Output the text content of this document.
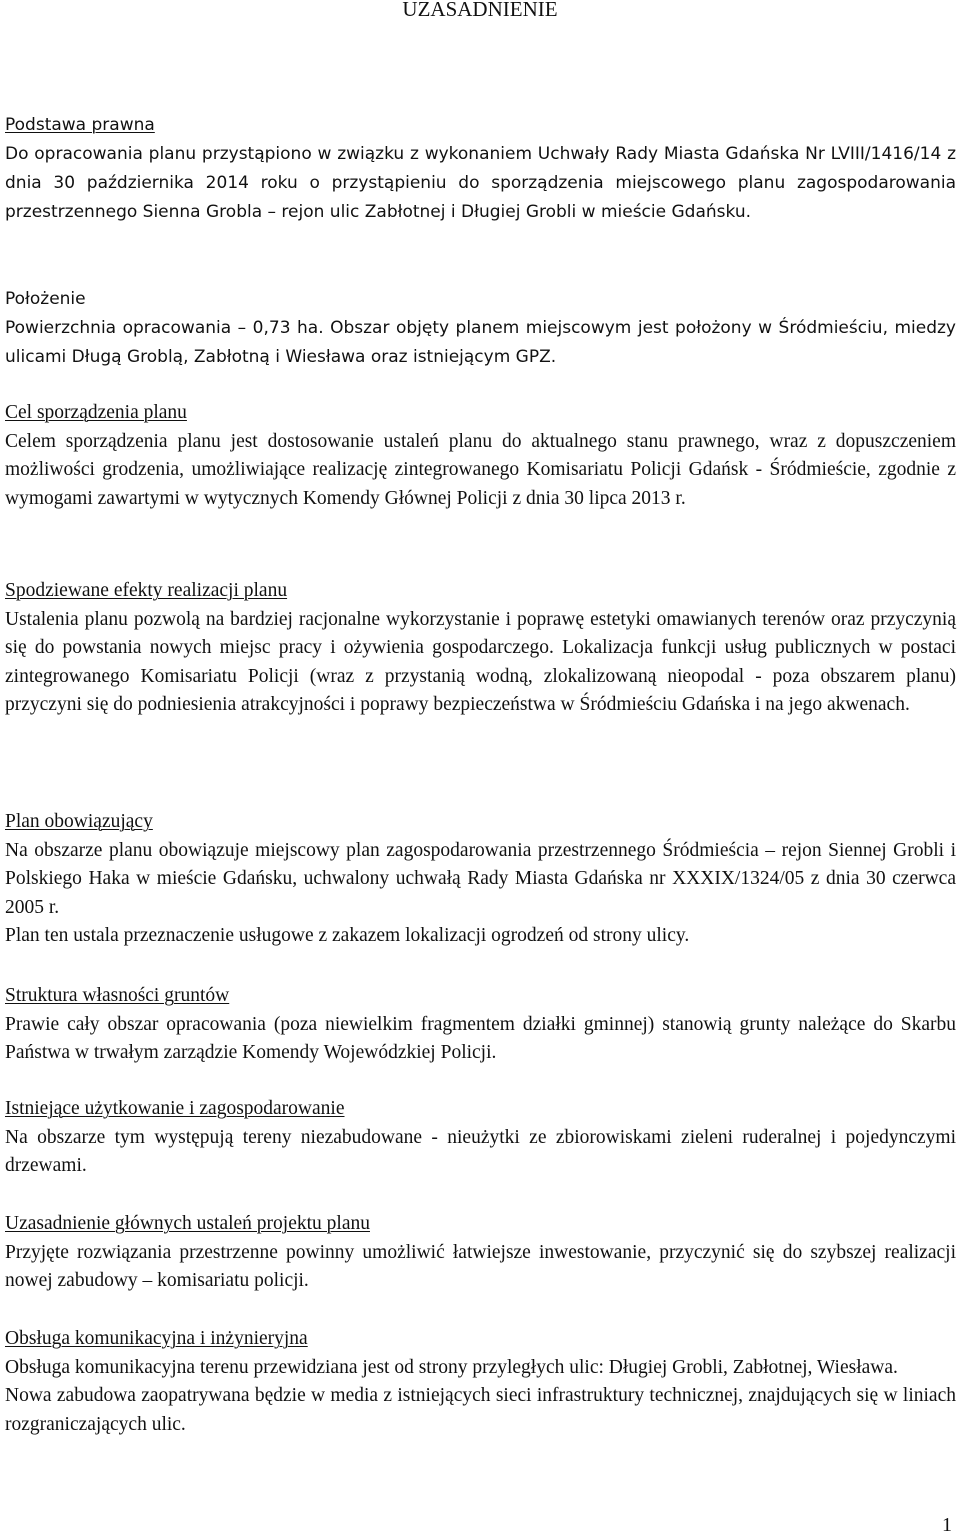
UZASADNIENIE
Podstawa prawna
Do opracowania planu przystąpiono w związku z wykonaniem Uchwały Rady Miasta Gdańska Nr LVIII/1416/14 z dnia 30 października 2014 roku o przystąpieniu do sporządzenia miejscowego planu zagospodarowania przestrzennego Sienna Grobla – rejon ulic Zabłotnej i Długiej Grobli w mieście Gdańsku.
Położenie
Powierzchnia opracowania – 0,73 ha. Obszar objęty planem miejscowym jest położony w Śródmieściu, miedzy ulicami Długą Groblą, Zabłotną i Wiesława oraz istniejącym GPZ.
Cel sporządzenia planu
Celem sporządzenia planu jest dostosowanie ustaleń planu do aktualnego stanu prawnego, wraz z dopuszczeniem możliwości grodzenia, umożliwiające realizację zintegrowanego Komisariatu Policji Gdańsk - Śródmieście, zgodnie z wymogami zawartymi w wytycznych Komendy Głównej Policji z dnia 30 lipca 2013 r.
Spodziewane efekty realizacji planu
Ustalenia planu pozwolą na bardziej racjonalne wykorzystanie i poprawę estetyki omawianych terenów oraz przyczynią się do powstania nowych miejsc pracy i ożywienia gospodarczego. Lokalizacja funkcji usług publicznych w postaci zintegrowanego Komisariatu Policji (wraz z przystanią wodną, zlokalizowaną nieopodal - poza obszarem planu) przyczyni się do podniesienia atrakcyjności i poprawy bezpieczeństwa w Śródmieściu Gdańska i na jego akwenach.
Plan obowiązujący
Na obszarze planu obowiązuje miejscowy plan zagospodarowania przestrzennego Śródmieścia – rejon Siennej Grobli i Polskiego Haka w mieście Gdańsku, uchwalony uchwałą Rady Miasta Gdańska nr XXXIX/1324/05 z dnia 30 czerwca 2005 r.
Plan ten ustala przeznaczenie usługowe z zakazem lokalizacji ogrodzeń od strony ulicy.
Struktura własności gruntów
Prawie cały obszar opracowania (poza niewielkim fragmentem działki gminnej) stanowią grunty należące do Skarbu Państwa w trwałym zarządzie Komendy Wojewódzkiej Policji.
Istniejące użytkowanie i zagospodarowanie
Na obszarze tym występują tereny niezabudowane - nieużytki ze zbiorowiskami zieleni ruderalnej i pojedynczymi drzewami.
Uzasadnienie głównych ustaleń projektu planu
Przyjęte rozwiązania przestrzenne powinny umożliwić łatwiejsze inwestowanie, przyczynić się do szybszej realizacji nowej zabudowy – komisariatu policji.
Obsługa komunikacyjna i inżynieryjna
Obsługa komunikacyjna terenu przewidziana jest od strony przyległych ulic: Długiej Grobli, Zabłotnej, Wiesława.
Nowa zabudowa zaopatrywana będzie w media z istniejących sieci infrastruktury technicznej, znajdujących się w liniach rozgraniczających ulic.
1
